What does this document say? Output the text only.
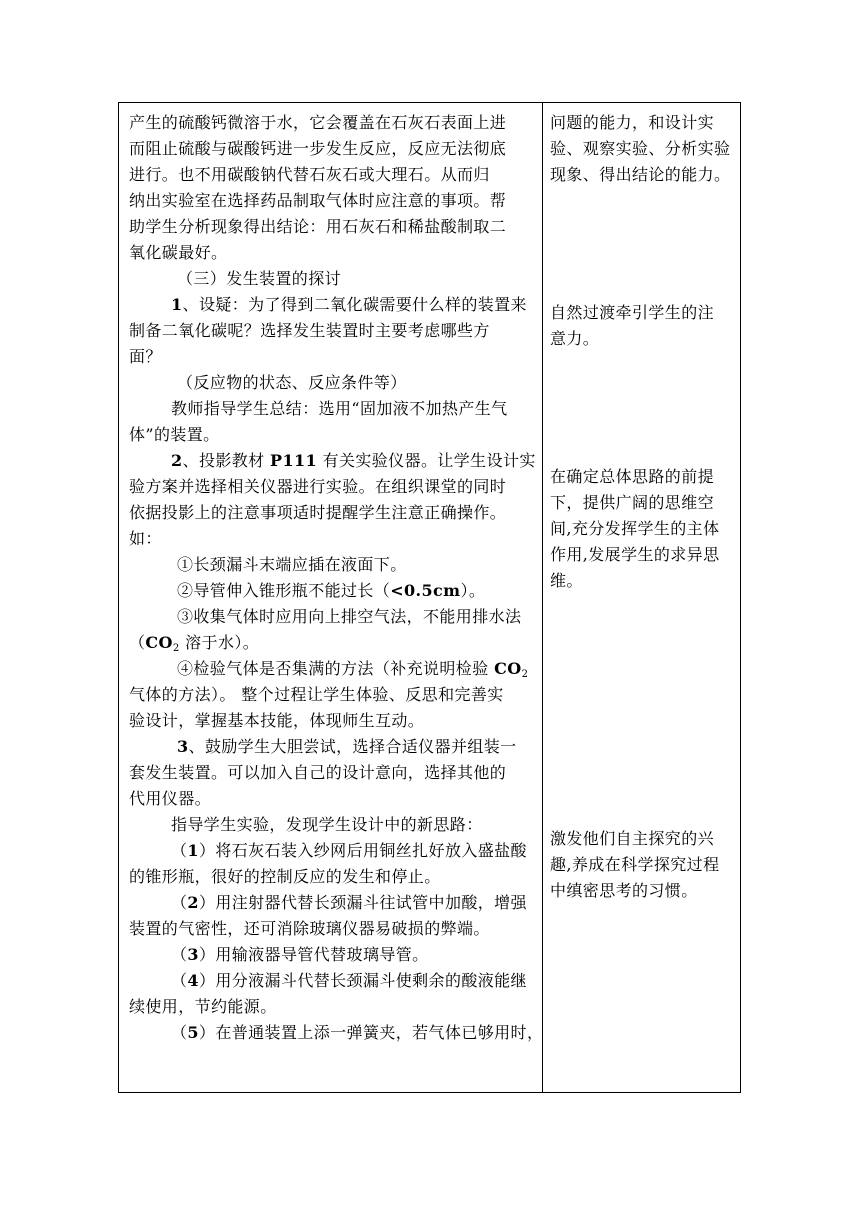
产生的硫酸钙微溶于水，它会覆盖在石灰石表面上进
而阻止硫酸与碳酸钙进一步发生反应，反应无法彻底
进行。也不用碳酸钠代替石灰石或大理石。从而归
纳出实验室在选择药品制取气体时应注意的事项。帮
助学生分析现象得出结论：用石灰石和稀盐酸制取二
氧化碳最好。
（三）发生装置的探讨
1、设疑：为了得到二氧化碳需要什么样的装置来
制备二氧化碳呢？选择发生装置时主要考虑哪些方
面？
（反应物的状态、反应条件等）
教师指导学生总结：选用“固加液不加热产生气
体”的装置。
2、投影教材 P111 有关实验仪器。让学生设计实
验方案并选择相关仪器进行实验。在组织课堂的同时
依据投影上的注意事项适时提醒学生注意正确操作。
如：
①长颈漏斗末端应插在液面下。
②导管伸入锥形瓶不能过长（<0.5cm）。
③收集气体时应用向上排空气法，不能用排水法
（$CO_2$ 溶于水）。
④检验气体是否集满的方法（补充说明检验 $CO_2$
气体的方法）。 整个过程让学生体验、反思和完善实
验设计，掌握基本技能，体现师生互动。
3、鼓励学生大胆尝试，选择合适仪器并组装一
套发生装置。可以加入自己的设计意向，选择其他的
代用仪器。
指导学生实验，发现学生设计中的新思路：
（1）将石灰石装入纱网后用铜丝扎好放入盛盐酸
的锥形瓶，很好的控制反应的发生和停止。
（2）用注射器代替长颈漏斗往试管中加酸，增强
装置的气密性，还可消除玻璃仪器易破损的弊端。
（3）用输液器导管代替玻璃导管。
（4）用分液漏斗代替长颈漏斗使剩余的酸液能继
续使用，节约能源。
（5）在普通装置上添一弹簧夹，若气体已够用时，
问题的能力，和设计实
验、观察实验、分析实验
现象、得出结论的能力。
自然过渡牵引学生的注
意力。
在确定总体思路的前提
下，提供广阔的思维空
间,充分发挥学生的主体
作用,发展学生的求异思
维。
激发他们自主探究的兴
趣,养成在科学探究过程
中缜密思考的习惯。
